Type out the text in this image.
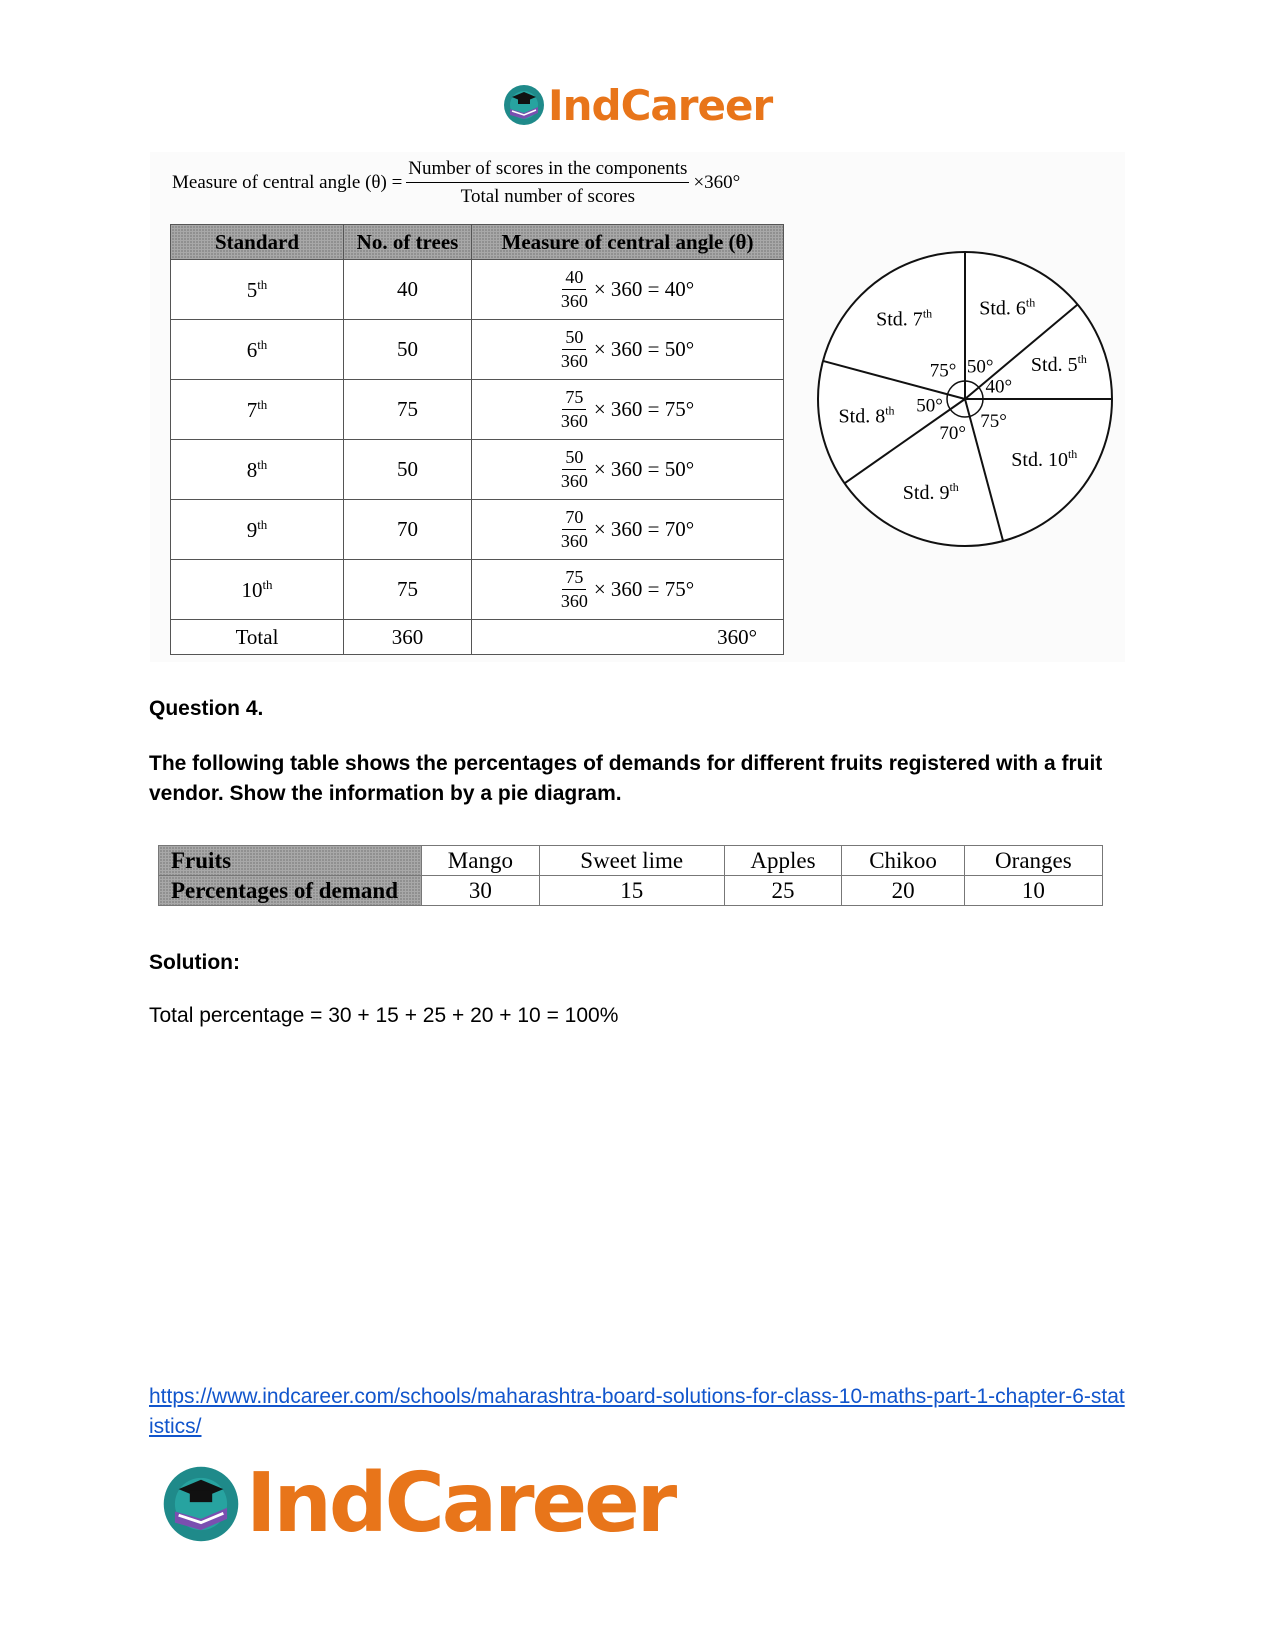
IndCareer
Measure of central angle $(\theta) = \frac{\text{Number of scores in the components}}{\text{Total number of scores}} \times 360^\circ$
Standard	No. of trees	Measure of central angle (θ)
5th	40	$\frac{40}{360} \times 360 = 40^\circ$

6th	50	$\frac{50}{360} \times 360 = 50^\circ$

7th	75	$\frac{75}{360} \times 360 = 75^\circ$

8th	50	$\frac{50}{360} \times 360 = 50^\circ$

9th	70	$\frac{70}{360} \times 360 = 70^\circ$

10th	75	$\frac{75}{360} \times 360 = 75^\circ$

Total	360	360°
Std. 5th
40°
Std. 6th
50°
Std. 7th
75°
Std. 8th 50°
Std. 9th
70°
Std. 10th
75°
Question 4.
The following table shows the percentages of demands for different fruits registered with a fruit vendor. Show the information by a pie diagram.
Fruits	Mango	Sweet lime	Apples	Chikoo	Oranges
Percentages of demand	30	15	25	20	10
Solution:
Total percentage = 30 + 15 + 25 + 20 + 10 = 100%
https://www.indcareer.com/schools/maharashtra-board-solutions-for-class-10-maths-part-1-chapter-6-statistics/
IndCareer
